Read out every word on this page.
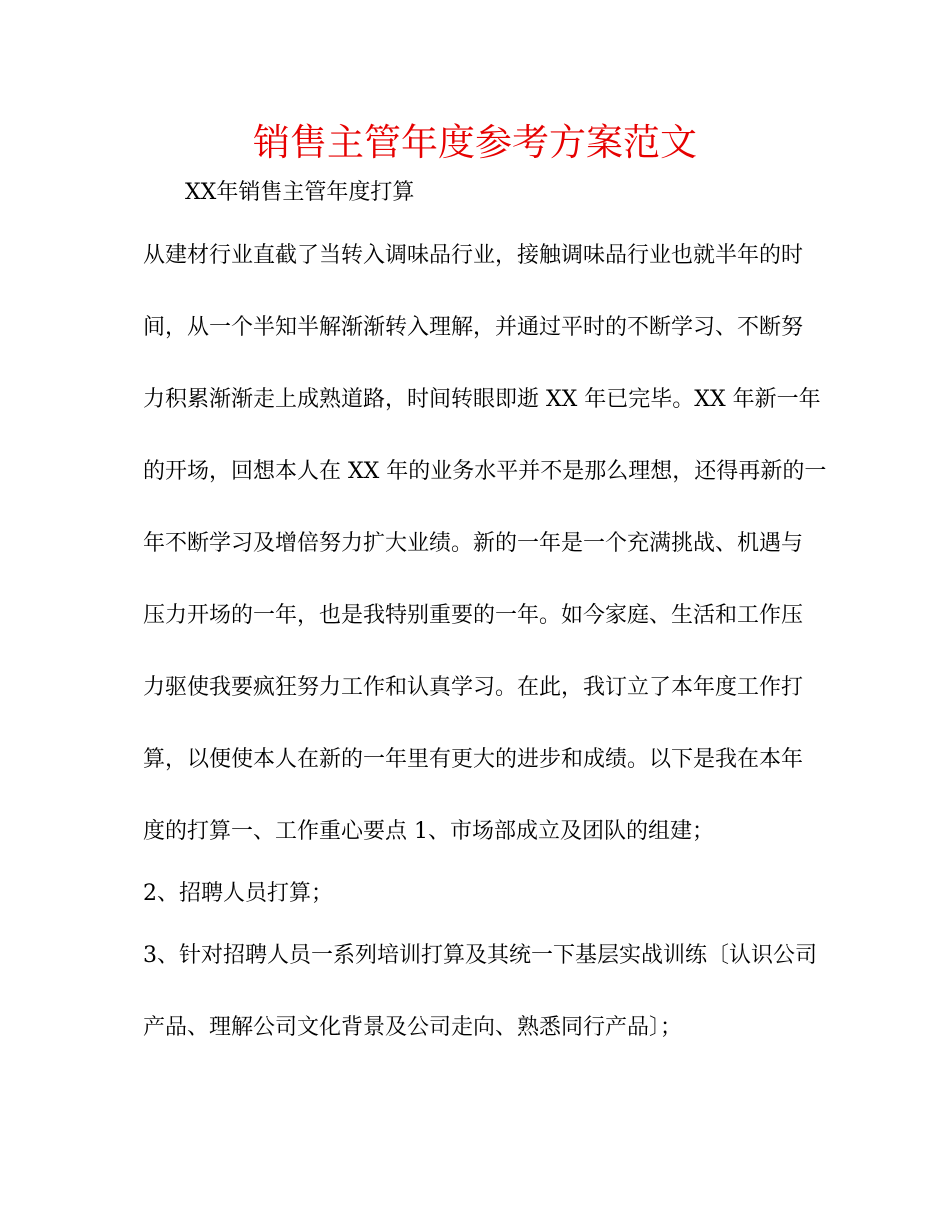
销售主管年度参考方案范文
XX年销售主管年度打算
从建材行业直截了当转入调味品行业，接触调味品行业也就半年的时
间，从一个半知半解渐渐转入理解，并通过平时的不断学习、不断努
力积累渐渐走上成熟道路，时间转眼即逝 XX 年已完毕。XX 年新一年
的开场，回想本人在 XX 年的业务水平并不是那么理想，还得再新的一
年不断学习及增倍努力扩大业绩。新的一年是一个充满挑战、机遇与
压力开场的一年，也是我特别重要的一年。如今家庭、生活和工作压
力驱使我要疯狂努力工作和认真学习。在此，我订立了本年度工作打
算，以便使本人在新的一年里有更大的进步和成绩。以下是我在本年
度的打算一、工作重心要点 1、市场部成立及团队的组建；
2、招聘人员打算；
3、针对招聘人员一系列培训打算及其统一下基层实战训练〔认识公司
产品、理解公司文化背景及公司走向、熟悉同行产品〕；
